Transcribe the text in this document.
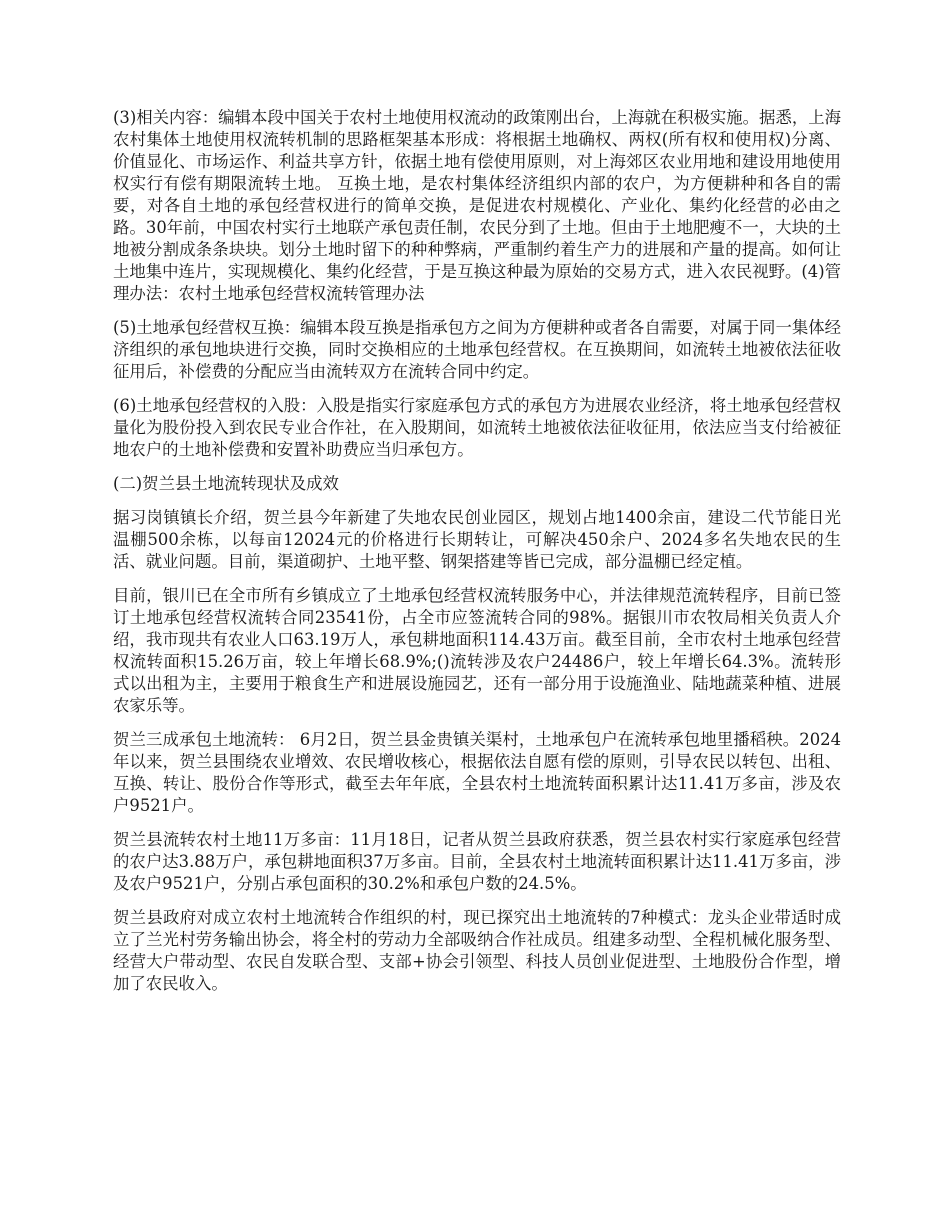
(3)相关内容：编辑本段中国关于农村土地使用权流动的政策刚出台，上海就在积极实施。据悉，上海农村集体土地使用权流转机制的思路框架基本形成：将根据土地确权、两权(所有权和使用权)分离、价值显化、市场运作、利益共享方针，依据土地有偿使用原则，对上海郊区农业用地和建设用地使用权实行有偿有期限流转土地。 互换土地，是农村集体经济组织内部的农户，为方便耕种和各自的需要，对各自土地的承包经营权进行的简单交换，是促进农村规模化、产业化、集约化经营的必由之路。30年前，中国农村实行土地联产承包责任制，农民分到了土地。但由于土地肥瘦不一，大块的土地被分割成条条块块。划分土地时留下的种种弊病，严重制约着生产力的进展和产量的提高。如何让土地集中连片，实现规模化、集约化经营，于是互换这种最为原始的交易方式，进入农民视野。(4)管理办法：农村土地承包经营权流转管理办法

(5)土地承包经营权互换：编辑本段互换是指承包方之间为方便耕种或者各自需要，对属于同一集体经济组织的承包地块进行交换，同时交换相应的土地承包经营权。在互换期间，如流转土地被依法征收征用后，补偿费的分配应当由流转双方在流转合同中约定。

(6)土地承包经营权的入股：入股是指实行家庭承包方式的承包方为进展农业经济，将土地承包经营权量化为股份投入到农民专业合作社，在入股期间，如流转土地被依法征收征用，依法应当支付给被征地农户的土地补偿费和安置补助费应当归承包方。

(二)贺兰县土地流转现状及成效

据习岗镇镇长介绍，贺兰县今年新建了失地农民创业园区，规划占地1400余亩，建设二代节能日光温棚500余栋，以每亩12024元的价格进行长期转让，可解决450余户、2024多名失地农民的生活、就业问题。目前，渠道砌护、土地平整、钢架搭建等皆已完成，部分温棚已经定植。

目前，银川已在全市所有乡镇成立了土地承包经营权流转服务中心，并法律规范流转程序，目前已签订土地承包经营权流转合同23541份，占全市应签流转合同的98%。据银川市农牧局相关负责人介绍，我市现共有农业人口63.19万人，承包耕地面积114.43万亩。截至目前，全市农村土地承包经营权流转面积15.26万亩，较上年增长68.9%;()流转涉及农户24486户，较上年增长64.3%。流转形式以出租为主，主要用于粮食生产和进展设施园艺，还有一部分用于设施渔业、陆地蔬菜种植、进展农家乐等。

贺兰三成承包土地流转： 6月2日，贺兰县金贵镇关渠村，土地承包户在流转承包地里播稻秧。2024年以来，贺兰县围绕农业增效、农民增收核心，根据依法自愿有偿的原则，引导农民以转包、出租、互换、转让、股份合作等形式，截至去年年底，全县农村土地流转面积累计达11.41万多亩，涉及农户9521户。

贺兰县流转农村土地11万多亩：11月18日，记者从贺兰县政府获悉，贺兰县农村实行家庭承包经营的农户达3.88万户，承包耕地面积37万多亩。目前，全县农村土地流转面积累计达11.41万多亩，涉及农户9521户，分别占承包面积的30.2%和承包户数的24.5%。

贺兰县政府对成立农村土地流转合作组织的村，现已探究出土地流转的7种模式：龙头企业带适时成立了兰光村劳务输出协会，将全村的劳动力全部吸纳合作社成员。组建多动型、全程机械化服务型、经营大户带动型、农民自发联合型、支部+协会引领型、科技人员创业促进型、土地股份合作型，增加了农民收入。
